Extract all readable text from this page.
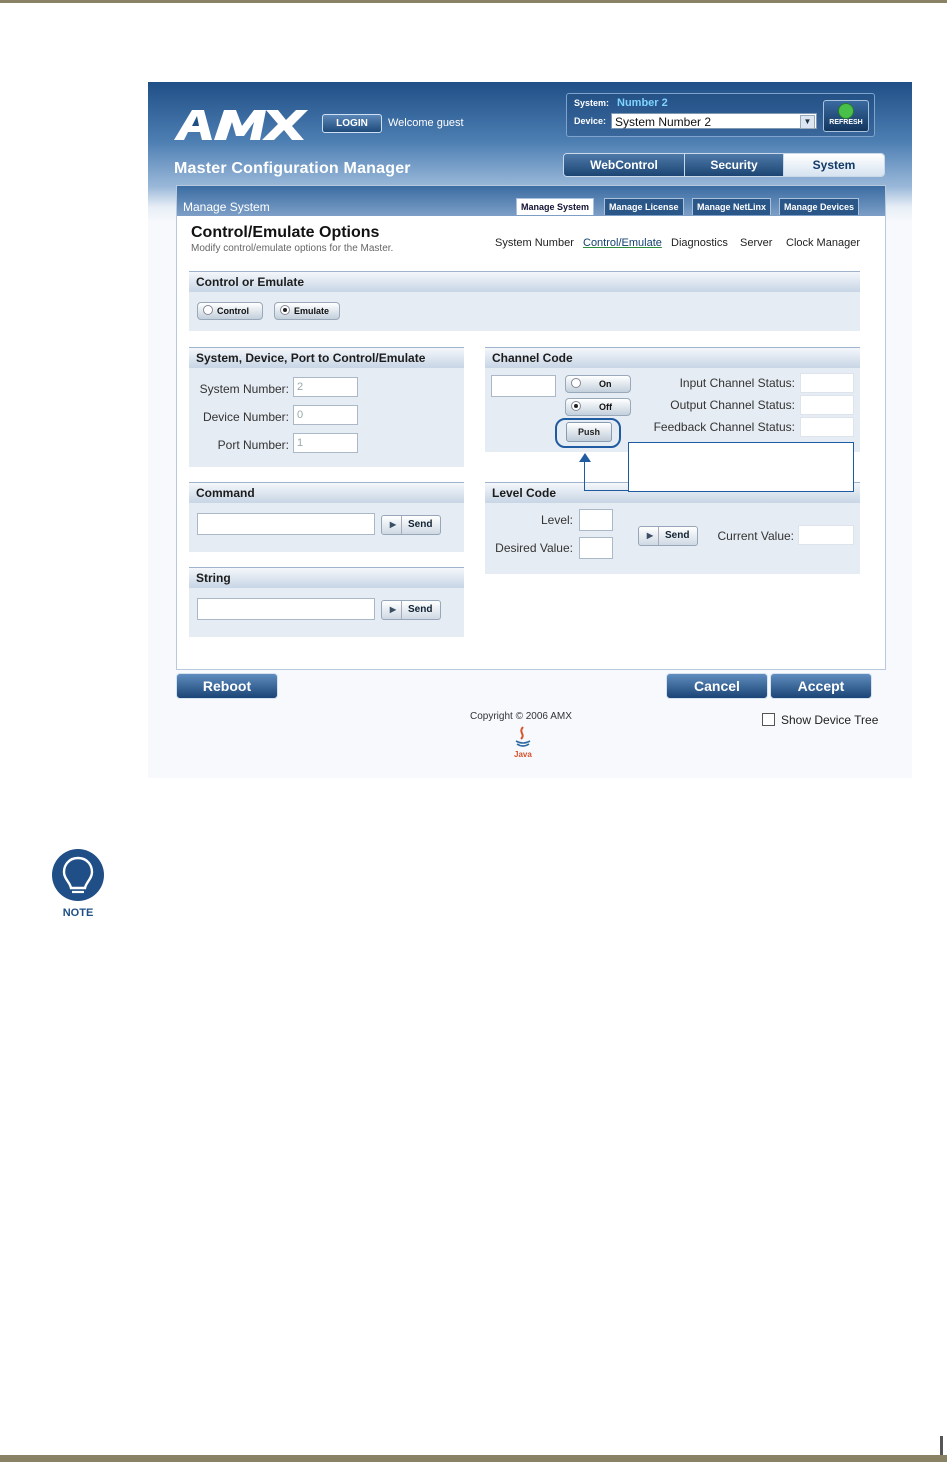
LOGIN	Welcome guest
System: Number 2
Device: System Number 2	▼	REFRESH
Master Configuration Manager	WebControl	Security	System
Manage System	Manage System	Manage License	Manage NetLinx	Manage Devices
Control/Emulate Options
Modify control/emulate options for the Master.	System Number Control/Emulate Diagnostics Server Clock Manager
Control or Emulate
Control	Emulate
System, Device, Port to Control/Emulate
System Number: 2
Device Number: 0
Port Number: 1
Channel Code
On
Off
Push
Input Channel Status:
Output Channel Status:
Feedback Channel Status:
Command
▶ Send
Level Code
Level:
Desired Value:
▶ Send	Current Value:
String
▶ Send
Reboot	Cancel	Accept
Copyright © 2006 AMX
Java
Show Device Tree
NOTE
